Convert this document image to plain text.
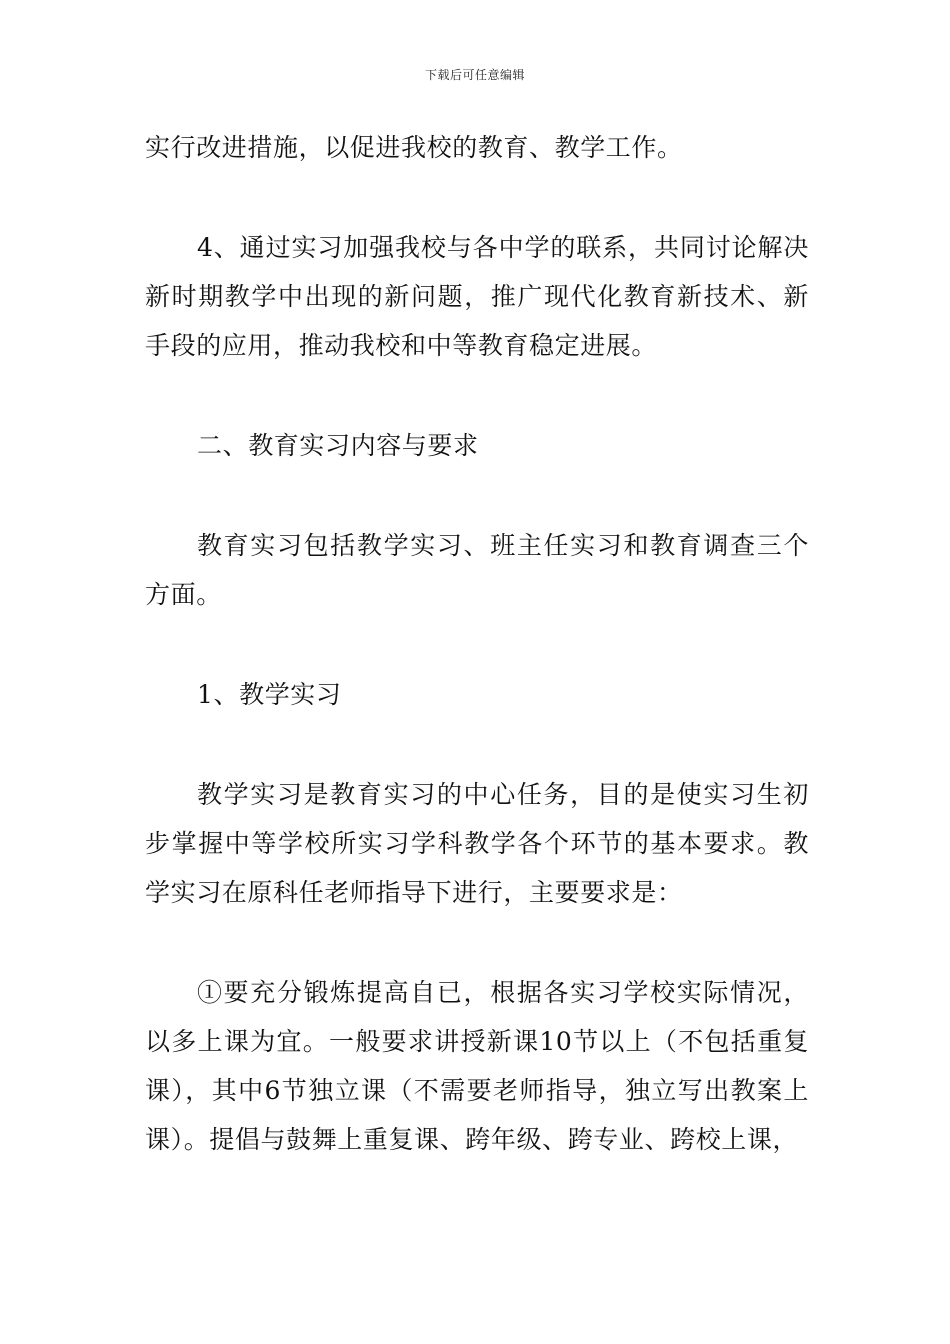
下载后可任意编辑

实行改进措施，以促进我校的教育、教学工作。

4、通过实习加强我校与各中学的联系，共同讨论解决新时期教学中出现的新问题，推广现代化教育新技术、新手段的应用，推动我校和中等教育稳定进展。

二、教育实习内容与要求

教育实习包括教学实习、班主任实习和教育调查三个方面。

1、教学实习

教学实习是教育实习的中心任务，目的是使实习生初步掌握中等学校所实习学科教学各个环节的基本要求。教学实习在原科任老师指导下进行，主要要求是：

①要充分锻炼提高自已，根据各实习学校实际情况，以多上课为宜。一般要求讲授新课10节以上（不包括重复课），其中6节独立课（不需要老师指导，独立写出教案上课）。提倡与鼓舞上重复课、跨年级、跨专业、跨校上课，
